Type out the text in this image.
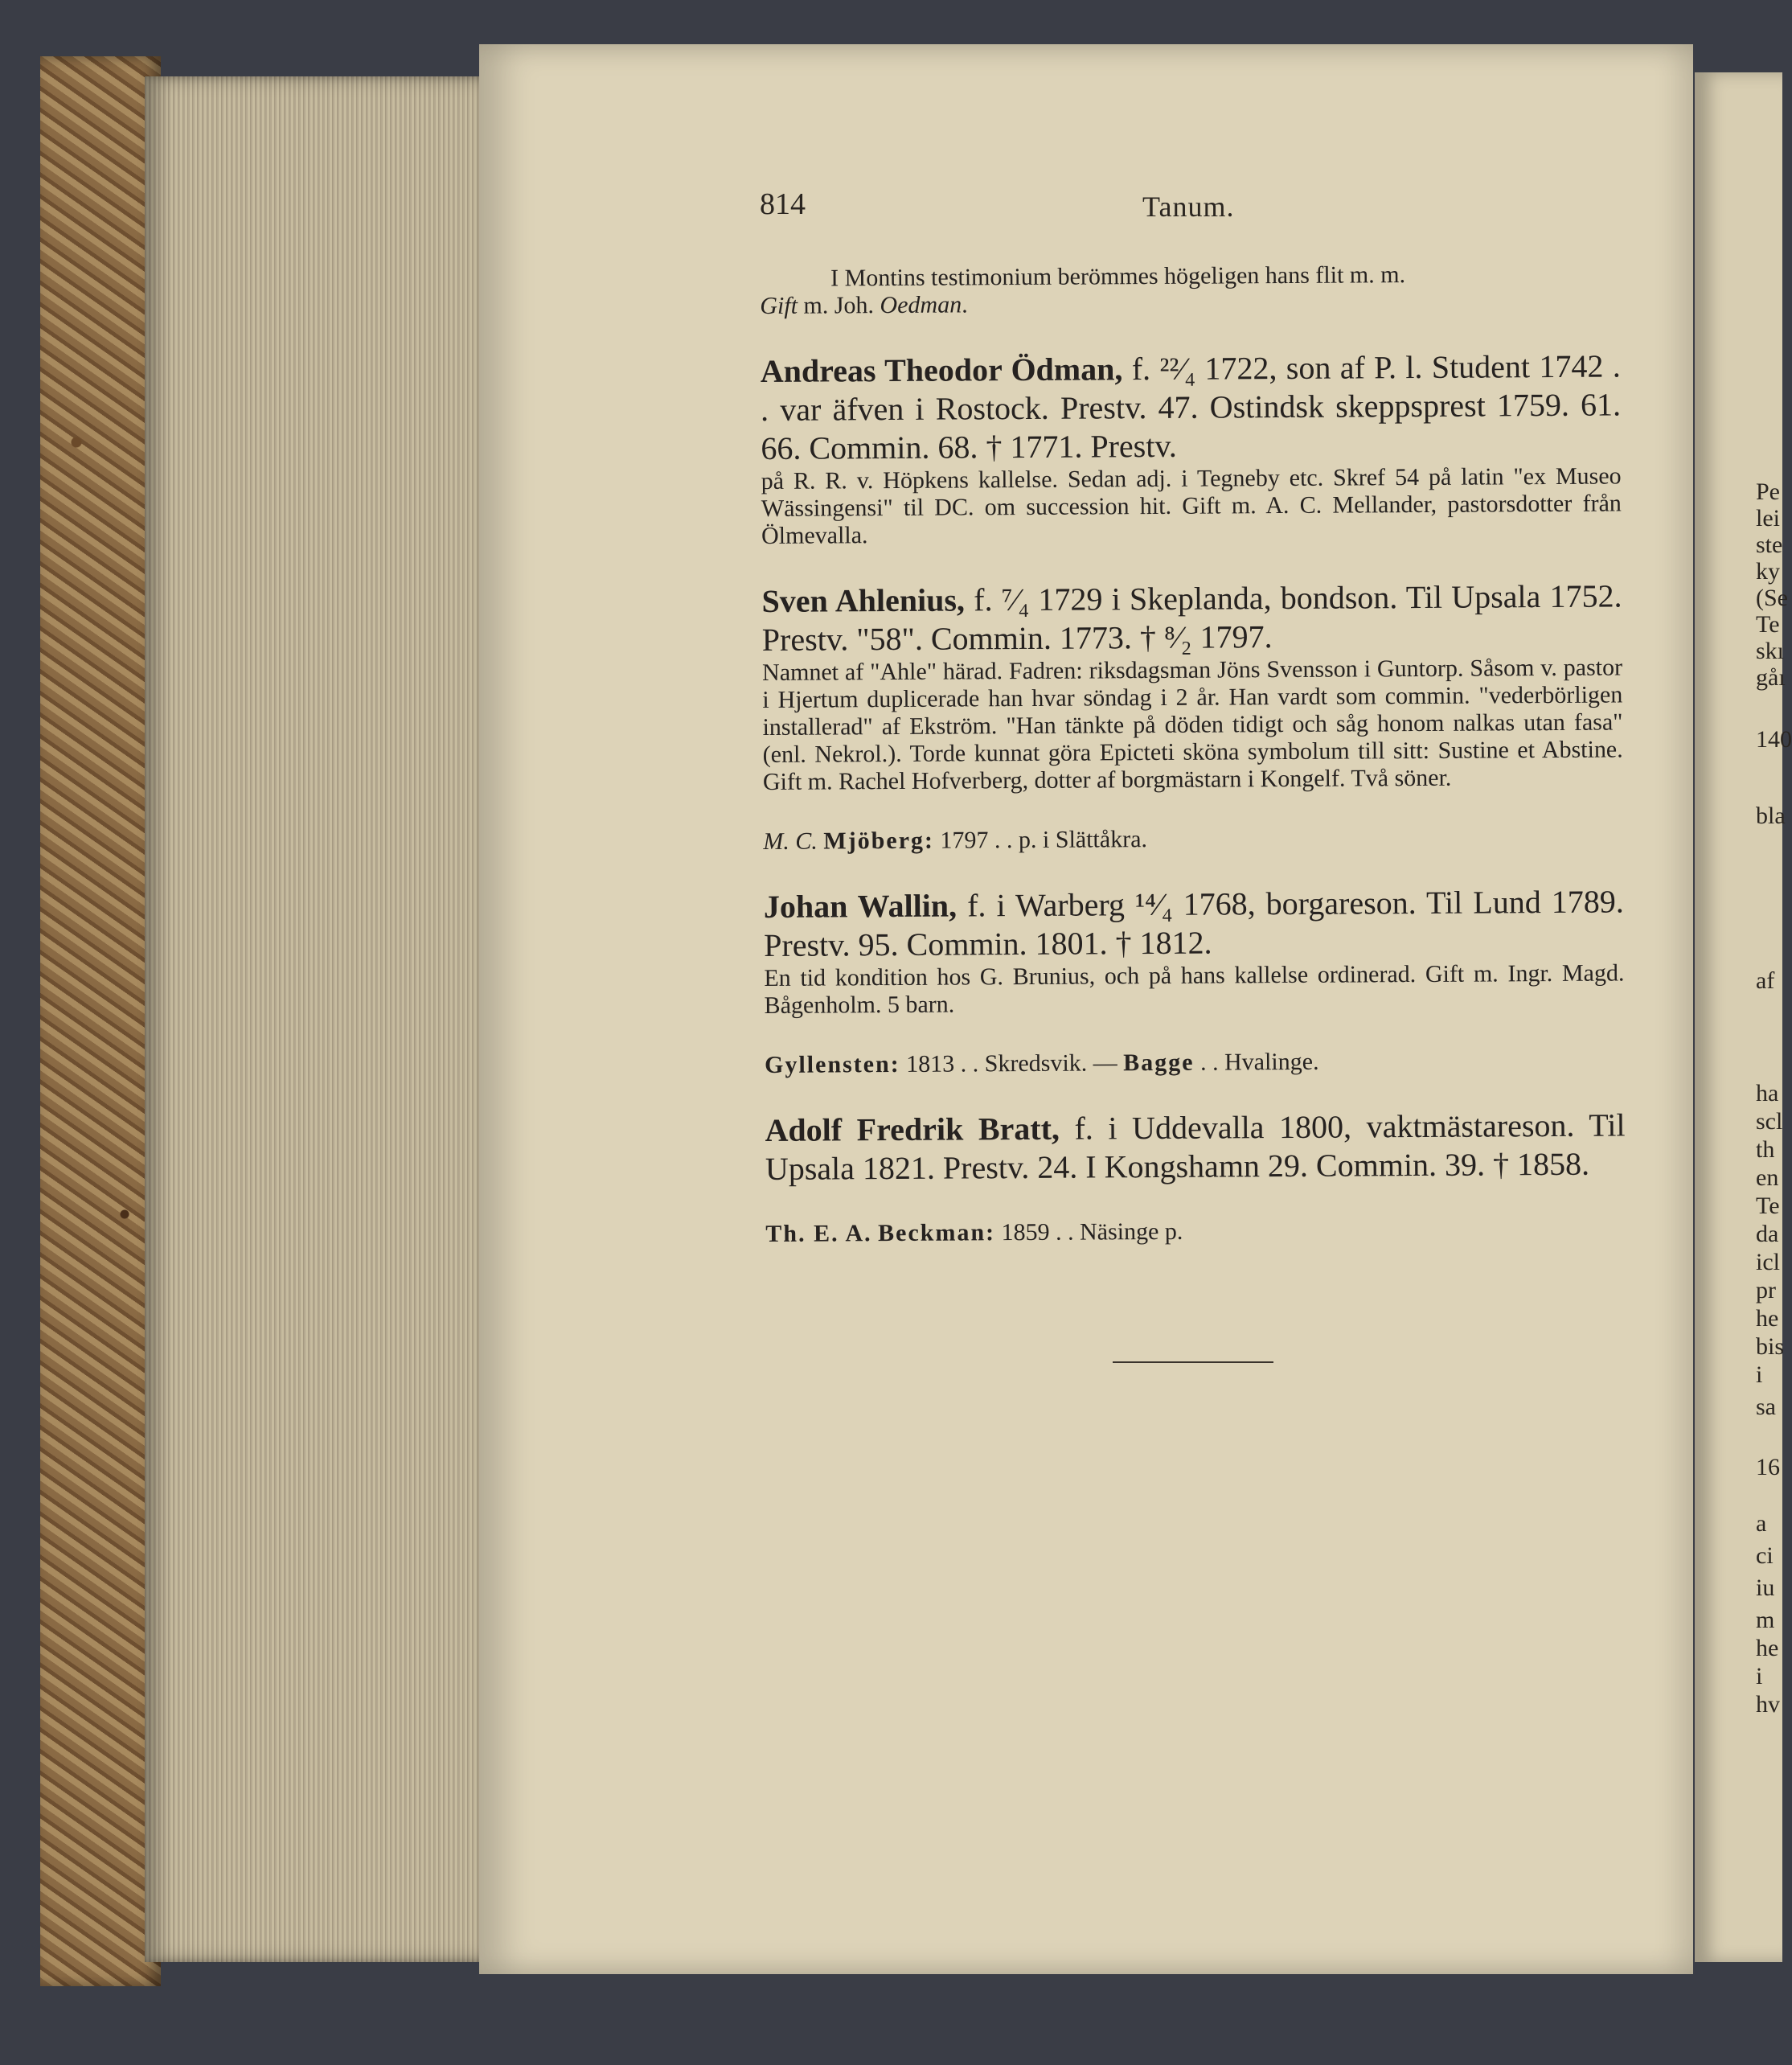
814	Tanum.

I Montins testimonium berömmes högeligen hans flit m. m.
Gift m. Joh. Oedman.
Andreas Theodor Ödman, f. ²²⁄₄ 1722, son af P. l. Student 1742 . . var äfven i Rostock. Prestv. 47. Ostindsk skeppsprest 1759. 61. 66. Commin. 68. † 1771. Prestv.
på R. R. v. Höpkens kallelse. Sedan adj. i Tegneby etc. Skref 54 på latin "ex Museo Wässingensi" til DC. om succession hit. Gift m. A. C. Mellander, pastorsdotter från Ölmevalla.
Sven Ahlenius, f. ⁷⁄₄ 1729 i Skeplanda, bondson. Til Upsala 1752. Prestv. "58". Commin. 1773. † ⁸⁄₂ 1797.
Namnet af "Ahle" härad. Fadren: riksdagsman Jöns Svensson i Guntorp. Såsom v. pastor i Hjertum duplicerade han hvar söndag i 2 år. Han vardt som commin. "vederbörligen installerad" af Ekström. "Han tänkte på döden tidigt och såg honom nalkas utan fasa" (enl. Nekrol.). Torde kunnat göra Epicteti sköna symbolum till sitt: Sustine et Abstine. Gift m. Rachel Hofverberg, dotter af borgmästarn i Kongelf. Två söner.
M. C. Mjöberg: 1797 . . p. i Slättåkra.
Johan Wallin, f. i Warberg ¹⁴⁄₄ 1768, borgareson. Til Lund 1789. Prestv. 95. Commin. 1801. † 1812.
En tid kondition hos G. Brunius, och på hans kallelse ordinerad. Gift m. Ingr. Magd. Bågenholm. 5 barn.
Gyllensten: 1813 . . Skredsvik. — Bagge . . Hvalinge.
Adolf Fredrik Bratt, f. i Uddevalla 1800, vaktmästareson. Til Upsala 1821. Prestv. 24. I Kongshamn 29. Commin. 39. † 1858.
Th. E. A. Beckman: 1859 . . Näsinge p.

Pe

lei

ste

ky

(Se

Te

skı

gåı

140

bla

af

ha

scl

th

en

Te

da

icl

pr

he

bis

i

sa

16

a

ci

iu

m

he

i

hv
